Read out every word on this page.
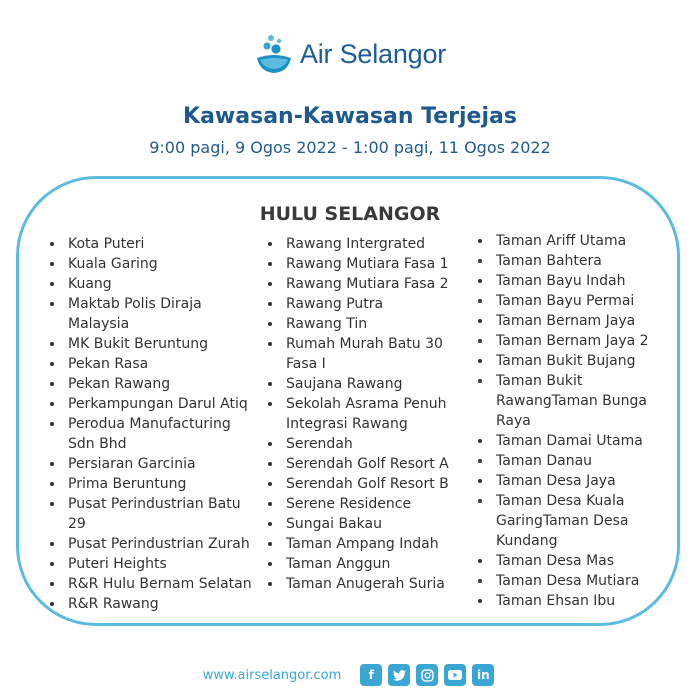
Air Selangor
Kawasan-Kawasan Terjejas
9:00 pagi, 9 Ogos 2022 - 1:00 pagi, 11 Ogos 2022
HULU SELANGOR
Kota Puteri
Kuala Garing
Kuang
Maktab Polis Diraja Malaysia
MK Bukit Beruntung
Pekan Rasa
Pekan Rawang
Perkampungan Darul Atiq
Perodua Manufacturing Sdn Bhd
Persiaran Garcinia
Prima Beruntung
Pusat Perindustrian Batu 29
Pusat Perindustrian Zurah
Puteri Heights
R&R Hulu Bernam Selatan
R&R Rawang
Rawang Intergrated
Rawang Mutiara Fasa 1
Rawang Mutiara Fasa 2
Rawang Putra
Rawang Tin
Rumah Murah Batu 30 Fasa I
Saujana Rawang
Sekolah Asrama Penuh Integrasi Rawang
Serendah
Serendah Golf Resort A
Serendah Golf Resort B
Serene Residence
Sungai Bakau
Taman Ampang Indah
Taman Anggun
Taman Anugerah Suria
Taman Ariff Utama
Taman Bahtera
Taman Bayu Indah
Taman Bayu Permai
Taman Bernam Jaya
Taman Bernam Jaya 2
Taman Bukit Bujang
Taman Bukit RawangTaman Bunga Raya
Taman Damai Utama
Taman Danau
Taman Desa Jaya
Taman Desa Kuala GaringTaman Desa Kundang
Taman Desa Mas
Taman Desa Mutiara
Taman Ehsan Ibu
www.airselangor.com f	in
